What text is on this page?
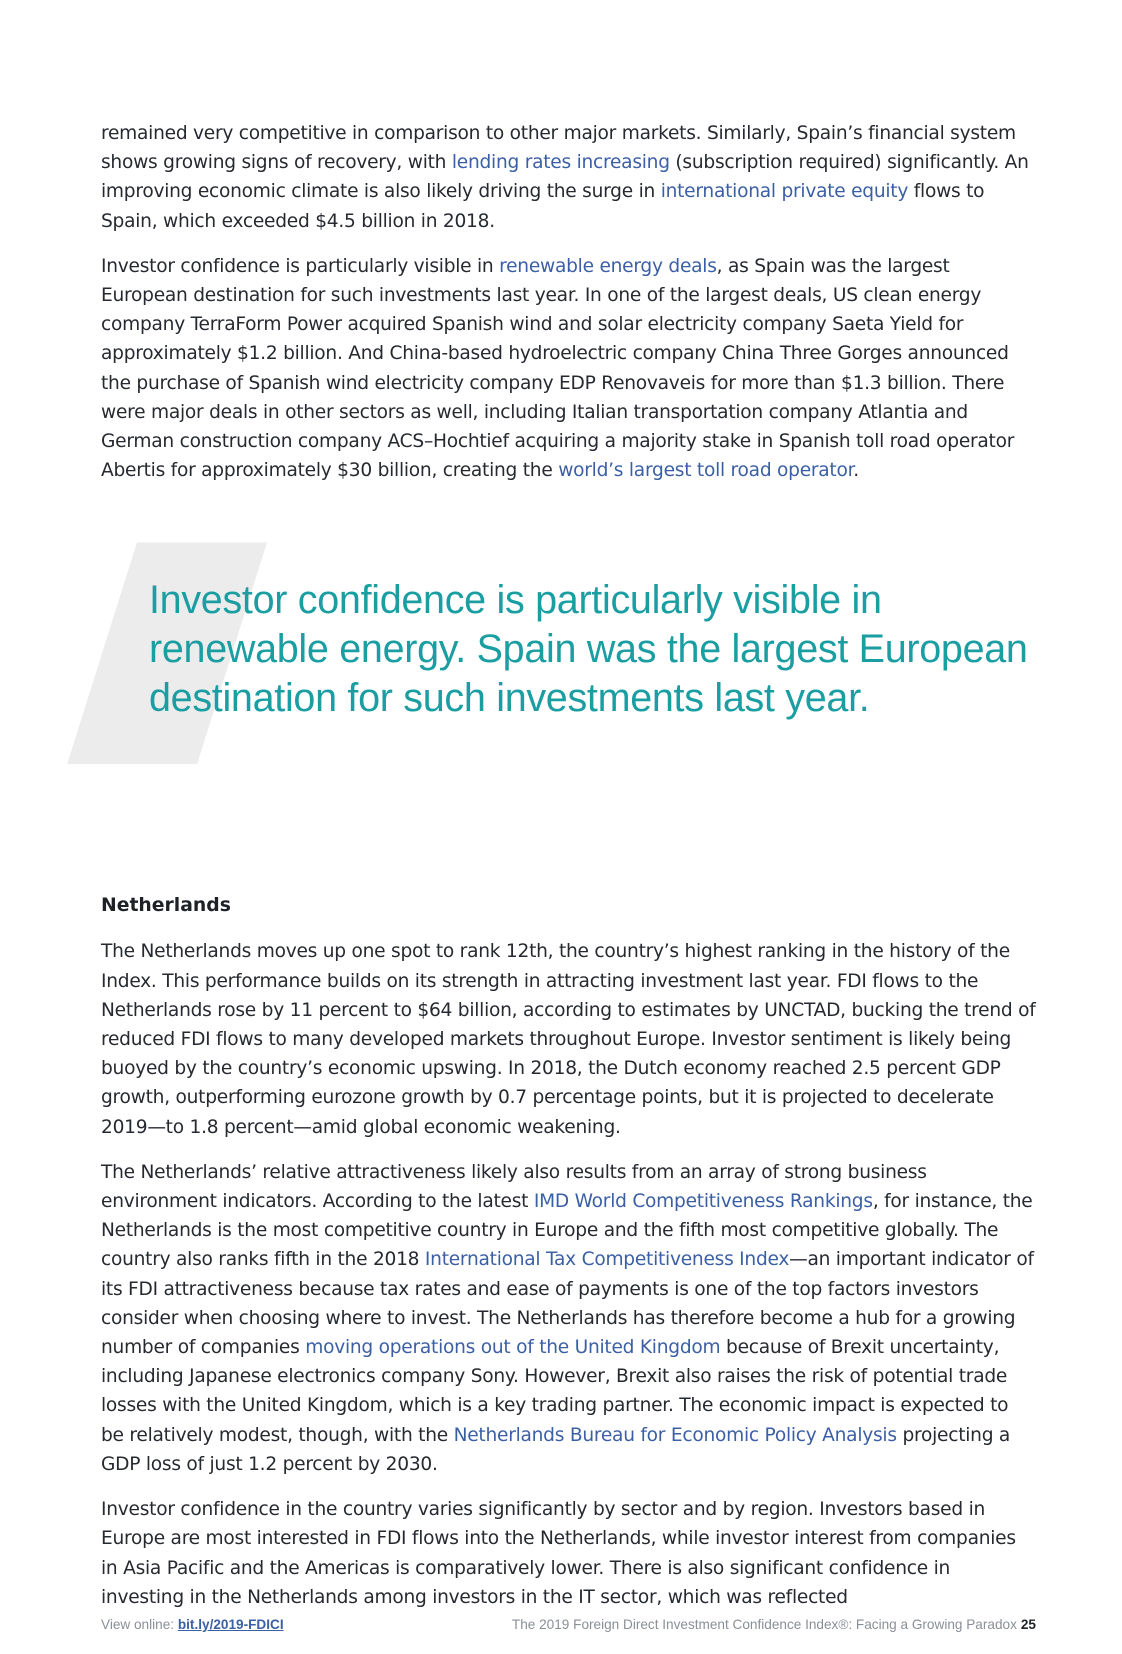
remained very competitive in comparison to other major markets. Similarly, Spain’s financial system shows growing signs of recovery, with lending rates increasing (subscription required) significantly. An improving economic climate is also likely driving the surge in international private equity flows to Spain, which exceeded $4.5 billion in 2018.

Investor confidence is particularly visible in renewable energy deals, as Spain was the largest European destination for such investments last year. In one of the largest deals, US clean energy company TerraForm Power acquired Spanish wind and solar electricity company Saeta Yield for approximately $1.2 billion. And China-based hydroelectric company China Three Gorges announced the purchase of Spanish wind electricity company EDP Renovaveis for more than $1.3 billion. There were major deals in other sectors as well, including Italian transportation company Atlantia and German construction company ACS–Hochtief acquiring a majority stake in Spanish toll road operator Abertis for approximately $30 billion, creating the world’s largest toll road operator.

Investor confidence is particularly visible in renewable energy. Spain was the largest European destination for such investments last year.

Netherlands

The Netherlands moves up one spot to rank 12th, the country’s highest ranking in the history of the Index. This performance builds on its strength in attracting investment last year. FDI flows to the Netherlands rose by 11 percent to $64 billion, according to estimates by UNCTAD, bucking the trend of reduced FDI flows to many developed markets throughout Europe. Investor sentiment is likely being buoyed by the country’s economic upswing. In 2018, the Dutch economy reached 2.5 percent GDP growth, outperforming eurozone growth by 0.7 percentage points, but it is projected to decelerate 2019—to 1.8 percent—amid global economic weakening.

The Netherlands’ relative attractiveness likely also results from an array of strong business environment indicators. According to the latest IMD World Competitiveness Rankings, for instance, the Netherlands is the most competitive country in Europe and the fifth most competitive globally. The country also ranks fifth in the 2018 International Tax Competitiveness Index—an important indicator of its FDI attractiveness because tax rates and ease of payments is one of the top factors investors consider when choosing where to invest. The Netherlands has therefore become a hub for a growing number of companies moving operations out of the United Kingdom because of Brexit uncertainty, including Japanese electronics company Sony. However, Brexit also raises the risk of potential trade losses with the United Kingdom, which is a key trading partner. The economic impact is expected to be relatively modest, though, with the Netherlands Bureau for Economic Policy Analysis projecting a GDP loss of just 1.2 percent by 2030.

Investor confidence in the country varies significantly by sector and by region. Investors based in Europe are most interested in FDI flows into the Netherlands, while investor interest from companies in Asia Pacific and the Americas is comparatively lower. There is also significant confidence in investing in the Netherlands among investors in the IT sector, which was reflected

View online: bit.ly/2019-FDICI	The 2019 Foreign Direct Investment Confidence Index®: Facing a Growing Paradox 25
